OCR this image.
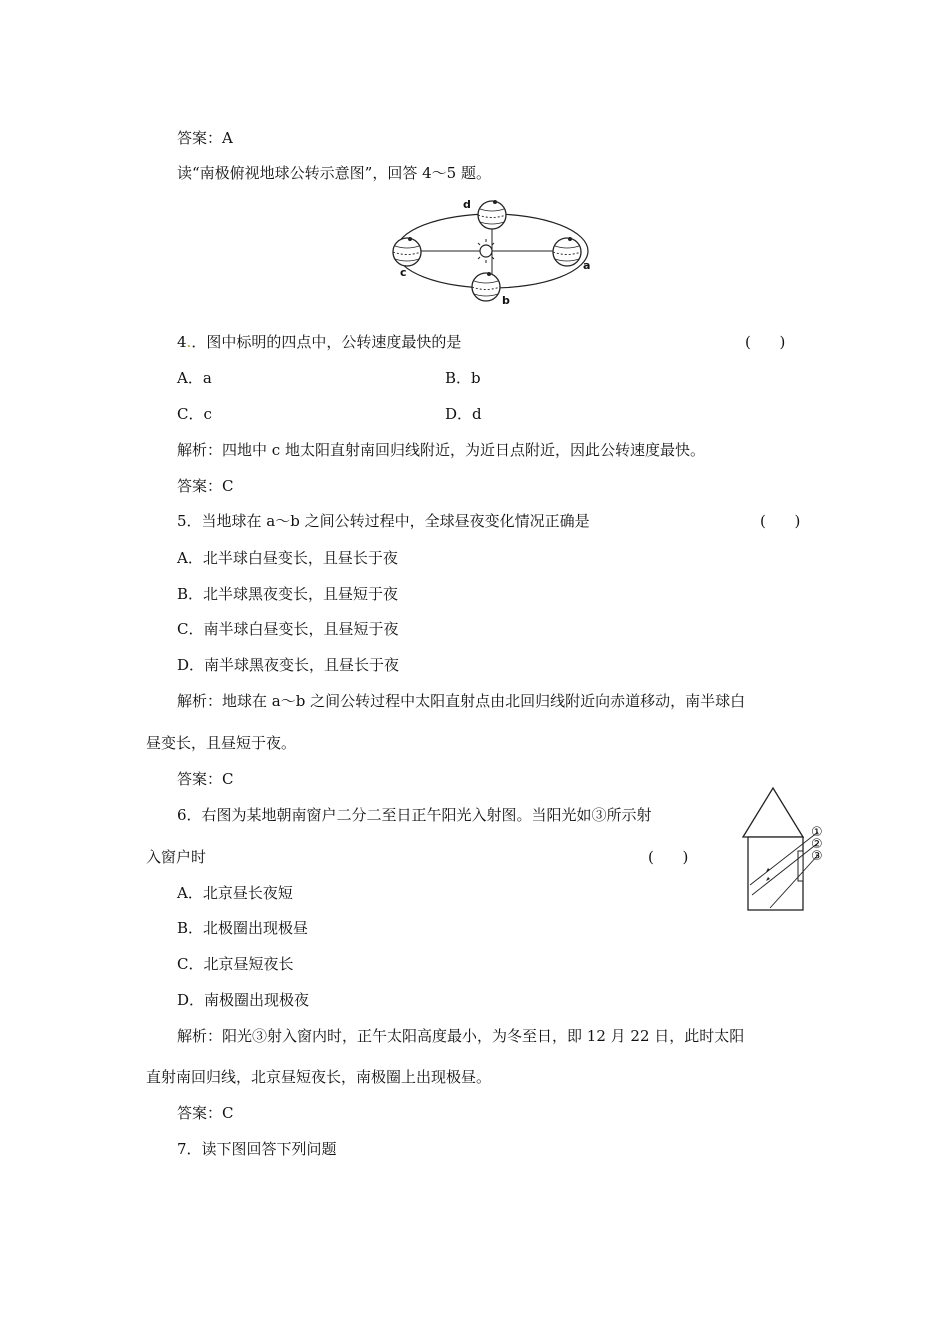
答案：A
读“南极俯视地球公转示意图”，回答 4～5 题。
d
c
a
b
4.．图中标明的四点中，公转速度最快的是	(      )
A．a	B．b
C．c	D．d
解析：四地中 c 地太阳直射南回归线附近，为近日点附近，因此公转速度最快。
答案：C
5．当地球在 a～b 之间公转过程中，全球昼夜变化情况正确是	(      )
A．北半球白昼变长，且昼长于夜
B．北半球黑夜变长，且昼短于夜
C．南半球白昼变长，且昼短于夜
D．南半球黑夜变长，且昼长于夜
解析：地球在 a～b 之间公转过程中太阳直射点由北回归线附近向赤道移动，南半球白
昼变长，且昼短于夜。
答案：C
6．右图为某地朝南窗户二分二至日正午阳光入射图。当阳光如③所示射
入窗户时	(      )
A．北京昼长夜短
B．北极圈出现极昼
C．北京昼短夜长
D．南极圈出现极夜
解析：阳光③射入窗内时，正午太阳高度最小，为冬至日，即 12 月 22 日，此时太阳
直射南回归线，北京昼短夜长，南极圈上出现极昼。
答案：C
①
②
③
7．读下图回答下列问题
